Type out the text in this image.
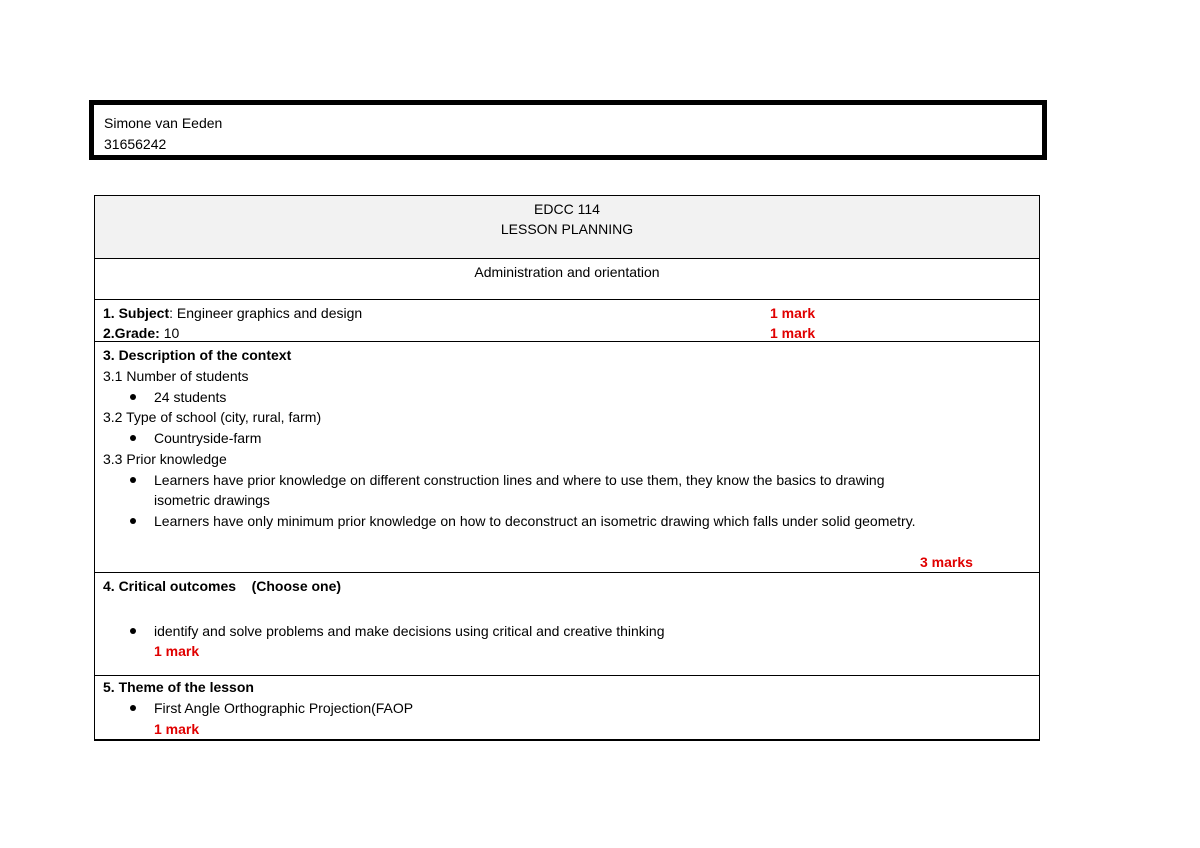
Simone van Eeden
31656242
EDCC 114
LESSON PLANNING
Administration and orientation
1. Subject: Engineer graphics and design	1 mark
2.Grade: 10	1 mark
3. Description of the context
3.1 Number of students
24 students
3.2 Type of school (city, rural, farm)
Countryside-farm
3.3 Prior knowledge
Learners have prior knowledge on different construction lines and where to use them, they know the basics to drawing
isometric drawings
Learners have only minimum prior knowledge on how to deconstruct an isometric drawing which falls under solid geometry.
3 marks
4. Critical outcomes    (Choose one)
identify and solve problems and make decisions using critical and creative thinking
1 mark
5. Theme of the lesson
First Angle Orthographic Projection(FAOP
1 mark
